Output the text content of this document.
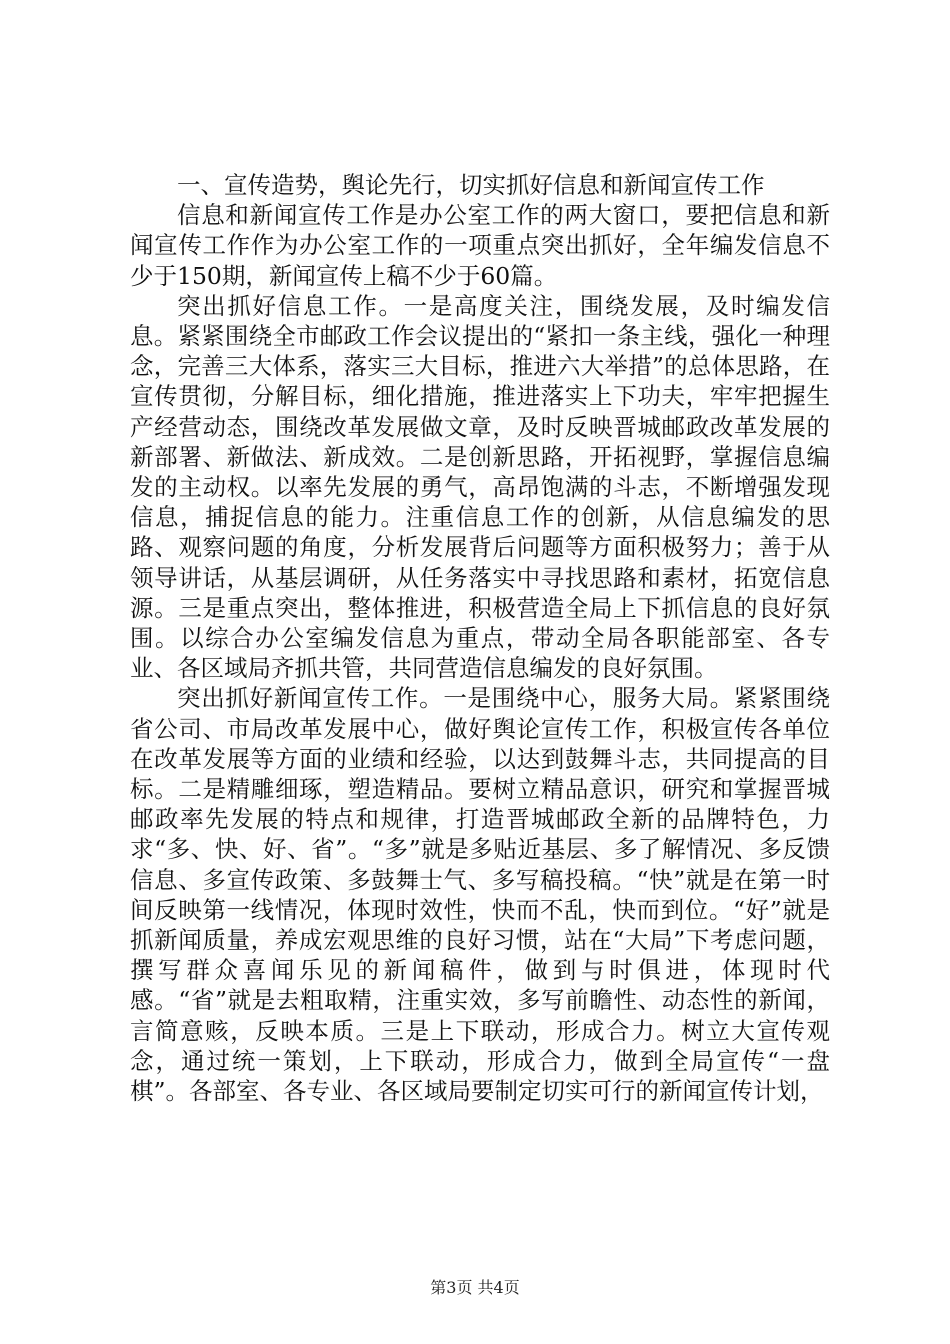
一、宣传造势，舆论先行，切实抓好信息和新闻宣传工作

信息和新闻宣传工作是办公室工作的两大窗口，要把信息和新闻宣传工作作为办公室工作的一项重点突出抓好，全年编发信息不少于150期，新闻宣传上稿不少于60篇。

突出抓好信息工作。一是高度关注，围绕发展，及时编发信息。紧紧围绕全市邮政工作会议提出的“紧扣一条主线，强化一种理念，完善三大体系，落实三大目标，推进六大举措”的总体思路，在宣传贯彻，分解目标，细化措施，推进落实上下功夫，牢牢把握生产经营动态，围绕改革发展做文章，及时反映晋城邮政改革发展的新部署、新做法、新成效。二是创新思路，开拓视野，掌握信息编发的主动权。以率先发展的勇气，高昂饱满的斗志，不断增强发现信息，捕捉信息的能力。注重信息工作的创新，从信息编发的思路、观察问题的角度，分析发展背后问题等方面积极努力；善于从领导讲话，从基层调研，从任务落实中寻找思路和素材，拓宽信息源。三是重点突出，整体推进，积极营造全局上下抓信息的良好氛围。以综合办公室编发信息为重点，带动全局各职能部室、各专业、各区域局齐抓共管，共同营造信息编发的良好氛围。

突出抓好新闻宣传工作。一是围绕中心，服务大局。紧紧围绕省公司、市局改革发展中心，做好舆论宣传工作，积极宣传各单位在改革发展等方面的业绩和经验，以达到鼓舞斗志，共同提高的目标。二是精雕细琢，塑造精品。要树立精品意识，研究和掌握晋城邮政率先发展的特点和规律，打造晋城邮政全新的品牌特色，力求“多、快、好、省”。“多”就是多贴近基层、多了解情况、多反馈信息、多宣传政策、多鼓舞士气、多写稿投稿。“快”就是在第一时间反映第一线情况，体现时效性，快而不乱，快而到位。“好”就是抓新闻质量，养成宏观思维的良好习惯，站在“大局”下考虑问题，撰写群众喜闻乐见的新闻稿件，做到与时俱进，体现时代感。“省”就是去粗取精，注重实效，多写前瞻性、动态性的新闻，言简意赅，反映本质。三是上下联动，形成合力。树立大宣传观念，通过统一策划，上下联动，形成合力，做到全局宣传“一盘棋”。各部室、各专业、各区域局要制定切实可行的新闻宣传计划，

第3页 共4页
